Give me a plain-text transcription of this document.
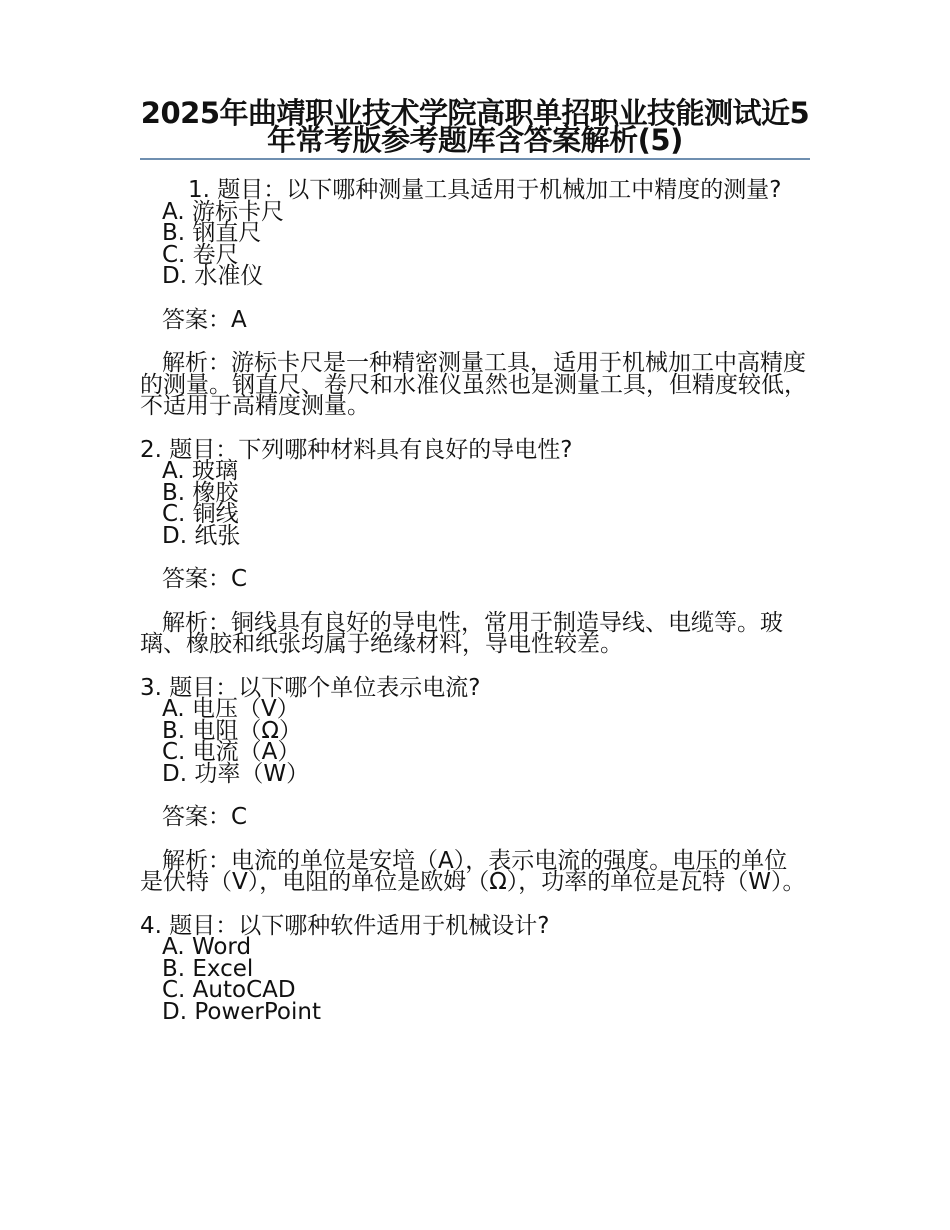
2025年曲靖职业技术学院高职单招职业技能测试近5年常考版参考题库含答案解析(5)

1. 题目：以下哪种测量工具适用于机械加工中精度的测量?

A. 游标卡尺

B. 钢直尺

C. 卷尺

D. 水准仪

答案：A

解析：游标卡尺是一种精密测量工具，适用于机械加工中高精度的测量。钢直尺、卷尺和水准仪虽然也是测量工具，但精度较低，不适用于高精度测量。

2. 题目：下列哪种材料具有良好的导电性?

A. 玻璃

B. 橡胶

C. 铜线

D. 纸张

答案：C

解析：铜线具有良好的导电性，常用于制造导线、电缆等。玻璃、橡胶和纸张均属于绝缘材料，导电性较差。

3. 题目：以下哪个单位表示电流?

A. 电压（V）

B. 电阻（Ω）

C. 电流（A）

D. 功率（W）

答案：C

解析：电流的单位是安培（A），表示电流的强度。电压的单位是伏特（V），电阻的单位是欧姆（Ω），功率的单位是瓦特（W）。

4. 题目：以下哪种软件适用于机械设计?

A. Word

B. Excel

C. AutoCAD

D. PowerPoint
